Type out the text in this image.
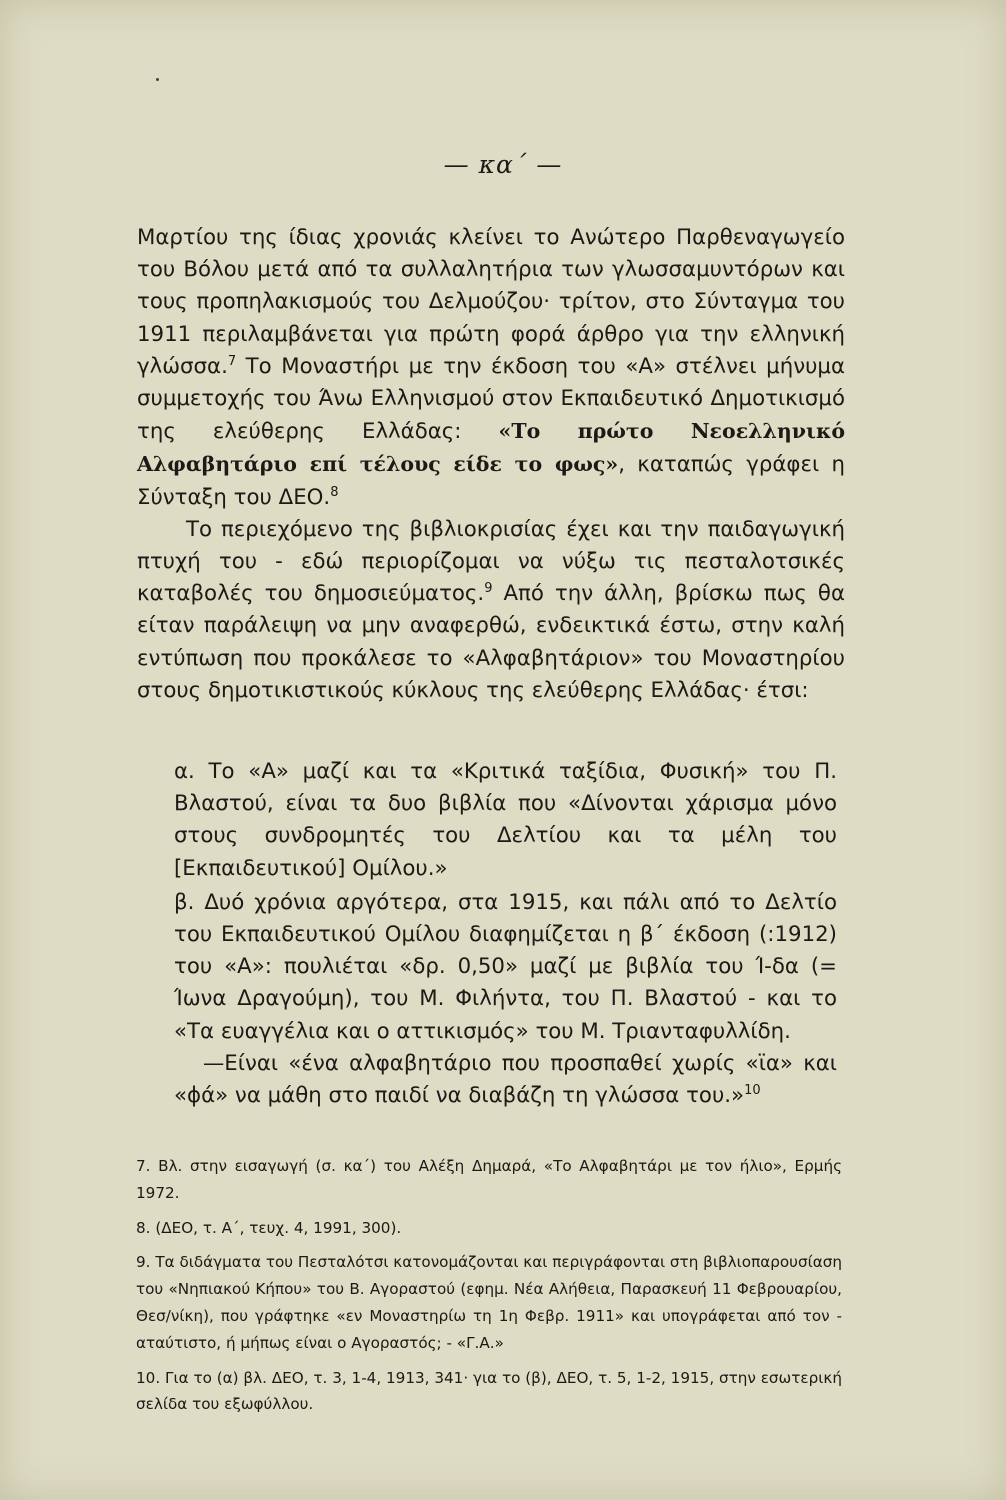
— κα΄ —

Μαρτίου της ίδιας χρονιάς κλείνει το Ανώτερο Παρθεναγωγείο του Βόλου μετά από τα συλλαλητήρια των γλωσσαμυντόρων και τους προπηλακισμούς του Δελμούζου· τρίτον, στο Σύνταγμα του 1911 περιλαμβάνεται για πρώτη φορά άρθρο για την ελληνική γλώσσα.$^7$ Το Μοναστήρι με την έκδοση του «Α» στέλνει μήνυμα συμμετοχής του Άνω Ελληνισμού στον Εκπαιδευτικό Δημοτικισμό της ελεύθερης Ελλάδας: «Το πρώτο Νεοελληνικό Αλφαβητάριο επί τέλους είδε το φως», καταπώς γράφει η Σύνταξη του ΔΕΟ.$^8$

Το περιεχόμενο της βιβλιοκρισίας έχει και την παιδαγωγική πτυχή του - εδώ περιορίζομαι να νύξω τις πεσταλοτσικές καταβολές του δημοσιεύματος.$^9$ Από την άλλη, βρίσκω πως θα είταν παράλειψη να μην αναφερθώ, ενδεικτικά έστω, στην καλή εντύπωση που προκάλεσε το «Αλφαβητάριον» του Μοναστηρίου στους δημοτικιστικούς κύκλους της ελεύθερης Ελλάδας· έτσι:

α. Το «Α» μαζί και τα «Κριτικά ταξίδια, Φυσική» του Π. Βλαστού, είναι τα δυο βιβλία που «Δίνονται χάρισμα μόνο στους συνδρομητές του Δελτίου και τα μέλη του [Εκπαιδευτικού] Ομίλου.»

β. Δυό χρόνια αργότερα, στα 1915, και πάλι από το Δελτίο του Εκπαιδευτικού Ομίλου διαφημίζεται η β΄ έκδοση (:1912) του «Α»: πουλιέται «δρ. 0,50» μαζί με βιβλία του Ί-δα (= Ίωνα Δραγούμη), του Μ. Φιλήντα, του Π. Βλαστού - και το «Τα ευαγγέλια και ο αττικισμός» του Μ. Τριανταφυλλίδη.

—Είναι «ένα αλφαβητάριο που προσπαθεί χωρίς «ϊα» και «ϕά» να μάθη στο παιδί να διαβάζη τη γλώσσα του.»$^{10}$

7. Βλ. στην εισαγωγή (σ. κα΄) του Αλέξη Δημαρά, «Το Αλφαβητάρι με τον ήλιο», Ερμής 1972.

8. (ΔΕΟ, τ. Α΄, τευχ. 4, 1991, 300).

9. Τα διδάγματα του Πεσταλότσι κατονομάζονται και περιγράφονται στη βιβλιοπαρουσίαση του «Νηπιακού Κήπου» του Β. Αγοραστού (εφημ. Νέα Αλήθεια, Παρασκευή 11 Φεβρουαρίου, Θεσ/νίκη), που γράφτηκε «εν Μοναστηρίω τη 1η Φεβρ. 1911» και υπογράφεται από τον - αταύτιστο, ή μήπως είναι ο Αγοραστός; - «Γ.Α.»

10. Για το (α) βλ. ΔΕΟ, τ. 3, 1-4, 1913, 341· για το (β), ΔΕΟ, τ. 5, 1-2, 1915, στην εσωτερική σελίδα του εξωφύλλου.
